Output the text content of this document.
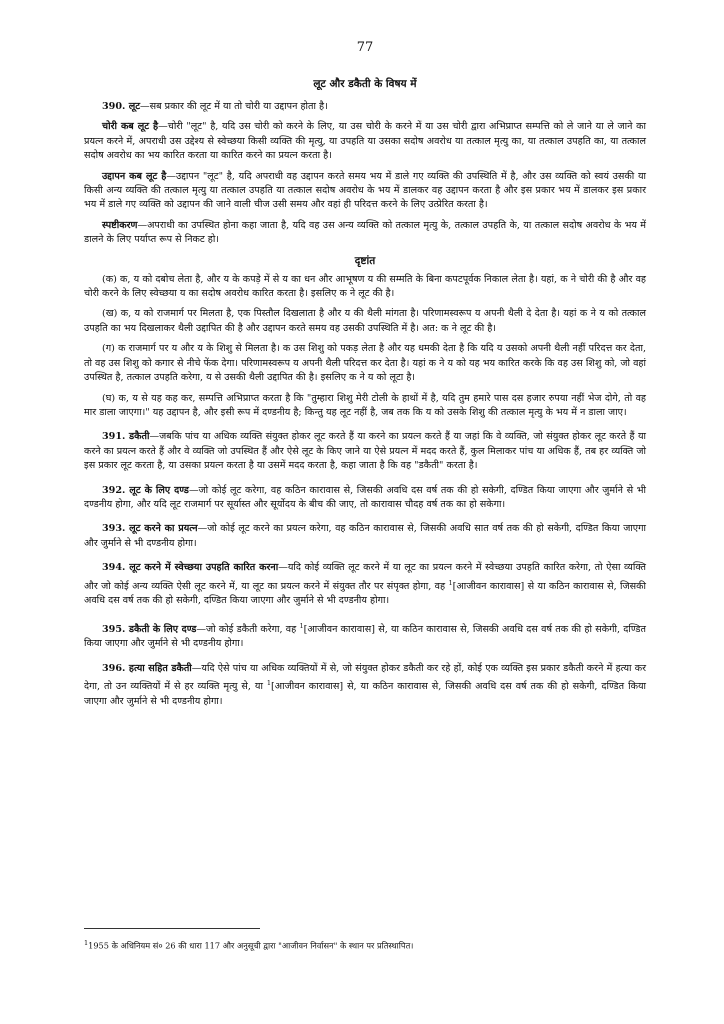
77
लूट और डकैती के विषय में

390. लूट—सब प्रकार की लूट में या तो चोरी या उद्दापन होता है।

चोरी कब लूट है—चोरी "लूट" है, यदि उस चोरी को करने के लिए, या उस चोरी के करने में या उस चोरी द्वारा अभिप्राप्त सम्पत्ति को ले जाने या ले जाने का प्रयत्न करने में, अपराधी उस उद्देश्य से स्वेच्छया किसी व्यक्ति की मृत्यु, या उपहति या उसका सदोष अवरोध या तत्काल मृत्यु का, या तत्काल उपहति का, या तत्काल सदोष अवरोध का भय कारित करता या कारित करने का प्रयत्न करता है।

उद्दापन कब लूट है—उद्दापन "लूट" है, यदि अपराधी वह उद्दापन करते समय भय में डाले गए व्यक्ति की उपस्थिति में है, और उस व्यक्ति को स्वयं उसकी या किसी अन्य व्यक्ति की तत्काल मृत्यु या तत्काल उपहति या तत्काल सदोष अवरोध के भय में डालकर वह उद्दापन करता है और इस प्रकार भय में डालकर इस प्रकार भय में डाले गए व्यक्ति को उद्दापन की जाने वाली चीज उसी समय और वहां ही परिदत्त करने के लिए उत्प्रेरित करता है।

स्पष्टीकरण—अपराधी का उपस्थित होना कहा जाता है, यदि वह उस अन्य व्यक्ति को तत्काल मृत्यु के, तत्काल उपहति के, या तत्काल सदोष अवरोध के भय में डालने के लिए पर्याप्त रूप से निकट हो।

दृष्टांत

(क) क, य को दबोच लेता है, और य के कपड़े में से य का धन और आभूषण य की सम्मति के बिना कपटपूर्वक निकाल लेता है। यहां, क ने चोरी की है और वह चोरी करने के लिए स्वेच्छया य का सदोष अवरोध कारित करता है। इसलिए क ने लूट की है।

(ख) क, य को राजमार्ग पर मिलता है, एक पिस्तौल दिखलाता है और य की थैली मांगता है। परिणामस्वरूप य अपनी थैली दे देता है। यहां क ने य को तत्काल उपहति का भय दिखलाकर थैली उद्दापित की है और उद्दापन करते समय वह उसकी उपस्थिति में है। अत: क ने लूट की है।

(ग) क राजमार्ग पर य और य के शिशु से मिलता है। क उस शिशु को पकड़ लेता है और यह धमकी देता है कि यदि य उसको अपनी थैली नहीं परिदत्त कर देता, तो वह उस शिशु को कगार से नीचे फेंक देगा। परिणामस्वरूप य अपनी थैली परिदत्त कर देता है। यहां क ने य को यह भय कारित करके कि वह उस शिशु को, जो वहां उपस्थित है, तत्काल उपहति करेगा, य से उसकी थैली उद्दापित की है। इसलिए क ने य को लूटा है।

(घ) क, य से यह कह कर, सम्पत्ति अभिप्राप्त करता है कि "तुम्हारा शिशु मेरी टोली के हाथों में है, यदि तुम हमारे पास दस हजार रुपया नहीं भेज दोगे, तो वह मार डाला जाएगा।" यह उद्दापन है, और इसी रूप में दण्डनीय है; किन्तु यह लूट नहीं है, जब तक कि य को उसके शिशु की तत्काल मृत्यु के भय में न डाला जाए।

391. डकैती—जबकि पांच या अधिक व्यक्ति संयुक्त होकर लूट करते हैं या करने का प्रयत्न करते हैं या जहां कि वे व्यक्ति, जो संयुक्त होकर लूट करते हैं या करने का प्रयत्न करते हैं और वे व्यक्ति जो उपस्थित हैं और ऐसे लूट के किए जाने या ऐसे प्रयत्न में मदद करते हैं, कुल मिलाकर पांच या अधिक हैं, तब हर व्यक्ति जो इस प्रकार लूट करता है, या उसका प्रयत्न करता है या उसमें मदद करता है, कहा जाता है कि वह "डकैती" करता है।

392. लूट के लिए दण्ड—जो कोई लूट करेगा, वह कठिन कारावास से, जिसकी अवधि दस वर्ष तक की हो सकेगी, दण्डित किया जाएगा और जुर्माने से भी दण्डनीय होगा, और यदि लूट राजमार्ग पर सूर्यास्त और सूर्योदय के बीच की जाए, तो कारावास चौदह वर्ष तक का हो सकेगा।

393. लूट करने का प्रयत्न—जो कोई लूट करने का प्रयत्न करेगा, वह कठिन कारावास से, जिसकी अवधि सात वर्ष तक की हो सकेगी, दण्डित किया जाएगा और जुर्माने से भी दण्डनीय होगा।

394. लूट करने में स्वेच्छया उपहति कारित करना—यदि कोई व्यक्ति लूट करने में या लूट का प्रयत्न करने में स्वेच्छया उपहति कारित करेगा, तो ऐसा व्यक्ति और जो कोई अन्य व्यक्ति ऐसी लूट करने में, या लूट का प्रयत्न करने में संयुक्त तौर पर संपृक्त होगा, वह $^1$[आजीवन कारावास] से या कठिन कारावास से, जिसकी अवधि दस वर्ष तक की हो सकेगी, दण्डित किया जाएगा और जुर्माने से भी दण्डनीय होगा।

395. डकैती के लिए दण्ड—जो कोई डकैती करेगा, वह $^1$[आजीवन कारावास] से, या कठिन कारावास से, जिसकी अवधि दस वर्ष तक की हो सकेगी, दण्डित किया जाएगा और जुर्माने से भी दण्डनीय होगा।

396. हत्या सहित डकैती—यदि ऐसे पांच या अधिक व्यक्तियों में से, जो संयुक्त होकर डकैती कर रहे हों, कोई एक व्यक्ति इस प्रकार डकैती करने में हत्या कर देगा, तो उन व्यक्तियों में से हर व्यक्ति मृत्यु से, या $^1$[आजीवन कारावास] से, या कठिन कारावास से, जिसकी अवधि दस वर्ष तक की हो सकेगी, दण्डित किया जाएगा और जुर्माने से भी दण्डनीय होगा।

$^1$1955 के अधिनियम सं० 26 की धारा 117 और अनुसूची द्वारा "आजीवन निर्वासन" के स्थान पर प्रतिस्थापित।
